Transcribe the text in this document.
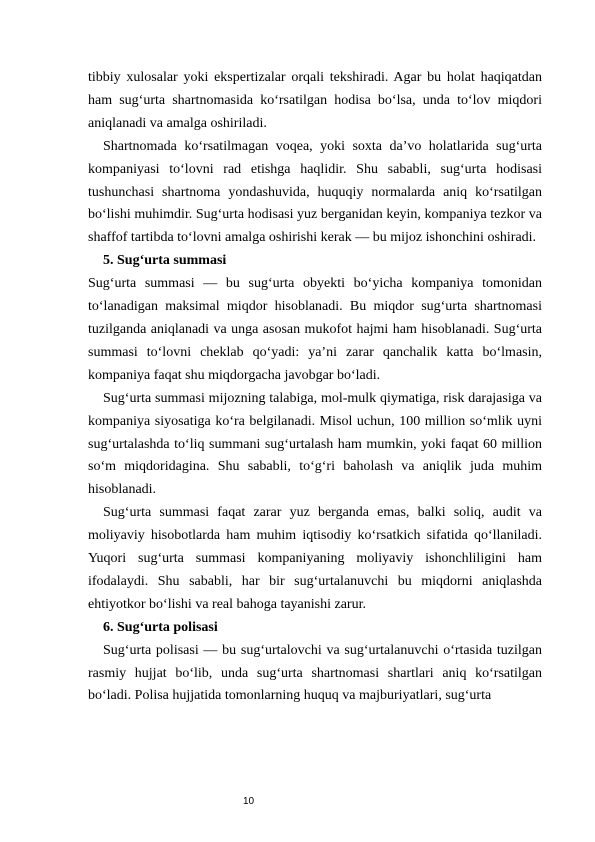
tibbiy xulosalar yoki ekspertizalar orqali tekshiradi. Agar bu holat haqiqatdan ham sug‘urta shartnomasida ko‘rsatilgan hodisa bo‘lsa, unda to‘lov miqdori aniqlanadi va amalga oshiriladi.

Shartnomada ko‘rsatilmagan voqea, yoki soxta da’vo holatlarida sug‘urta kompaniyasi to‘lovni rad etishga haqlidir. Shu sababli, sug‘urta hodisasi tushunchasi shartnoma yondashuvida, huquqiy normalarda aniq ko‘rsatilgan bo‘lishi muhimdir. Sug‘urta hodisasi yuz berganidan keyin, kompaniya tezkor va shaffof tartibda to‘lovni amalga oshirishi kerak — bu mijoz ishonchini oshiradi.

5. Sug‘urta summasi

Sug‘urta summasi — bu sug‘urta obyekti bo‘yicha kompaniya tomonidan to‘lanadigan maksimal miqdor hisoblanadi. Bu miqdor sug‘urta shartnomasi tuzilganda aniqlanadi va unga asosan mukofot hajmi ham hisoblanadi. Sug‘urta summasi to‘lovni cheklab qo‘yadi: ya’ni zarar qanchalik katta bo‘lmasin, kompaniya faqat shu miqdorgacha javobgar bo‘ladi.

Sug‘urta summasi mijozning talabiga, mol-mulk qiymatiga, risk darajasiga va kompaniya siyosatiga ko‘ra belgilanadi. Misol uchun, 100 million so‘mlik uyni sug‘urtalashda to‘liq summani sug‘urtalash ham mumkin, yoki faqat 60 million so‘m miqdoridagina. Shu sababli, to‘g‘ri baholash va aniqlik juda muhim hisoblanadi.

Sug‘urta summasi faqat zarar yuz berganda emas, balki soliq, audit va moliyaviy hisobotlarda ham muhim iqtisodiy ko‘rsatkich sifatida qo‘llaniladi. Yuqori sug‘urta summasi kompaniyaning moliyaviy ishonchliligini ham ifodalaydi. Shu sababli, har bir sug‘urtalanuvchi bu miqdorni aniqlashda ehtiyotkor bo‘lishi va real bahoga tayanishi zarur.

6. Sug‘urta polisasi

Sug‘urta polisasi — bu sug‘urtalovchi va sug‘urtalanuvchi o‘rtasida tuzilgan rasmiy hujjat bo‘lib, unda sug‘urta shartnomasi shartlari aniq ko‘rsatilgan bo‘ladi. Polisa hujjatida tomonlarning huquq va majburiyatlari, sug‘urta

10
